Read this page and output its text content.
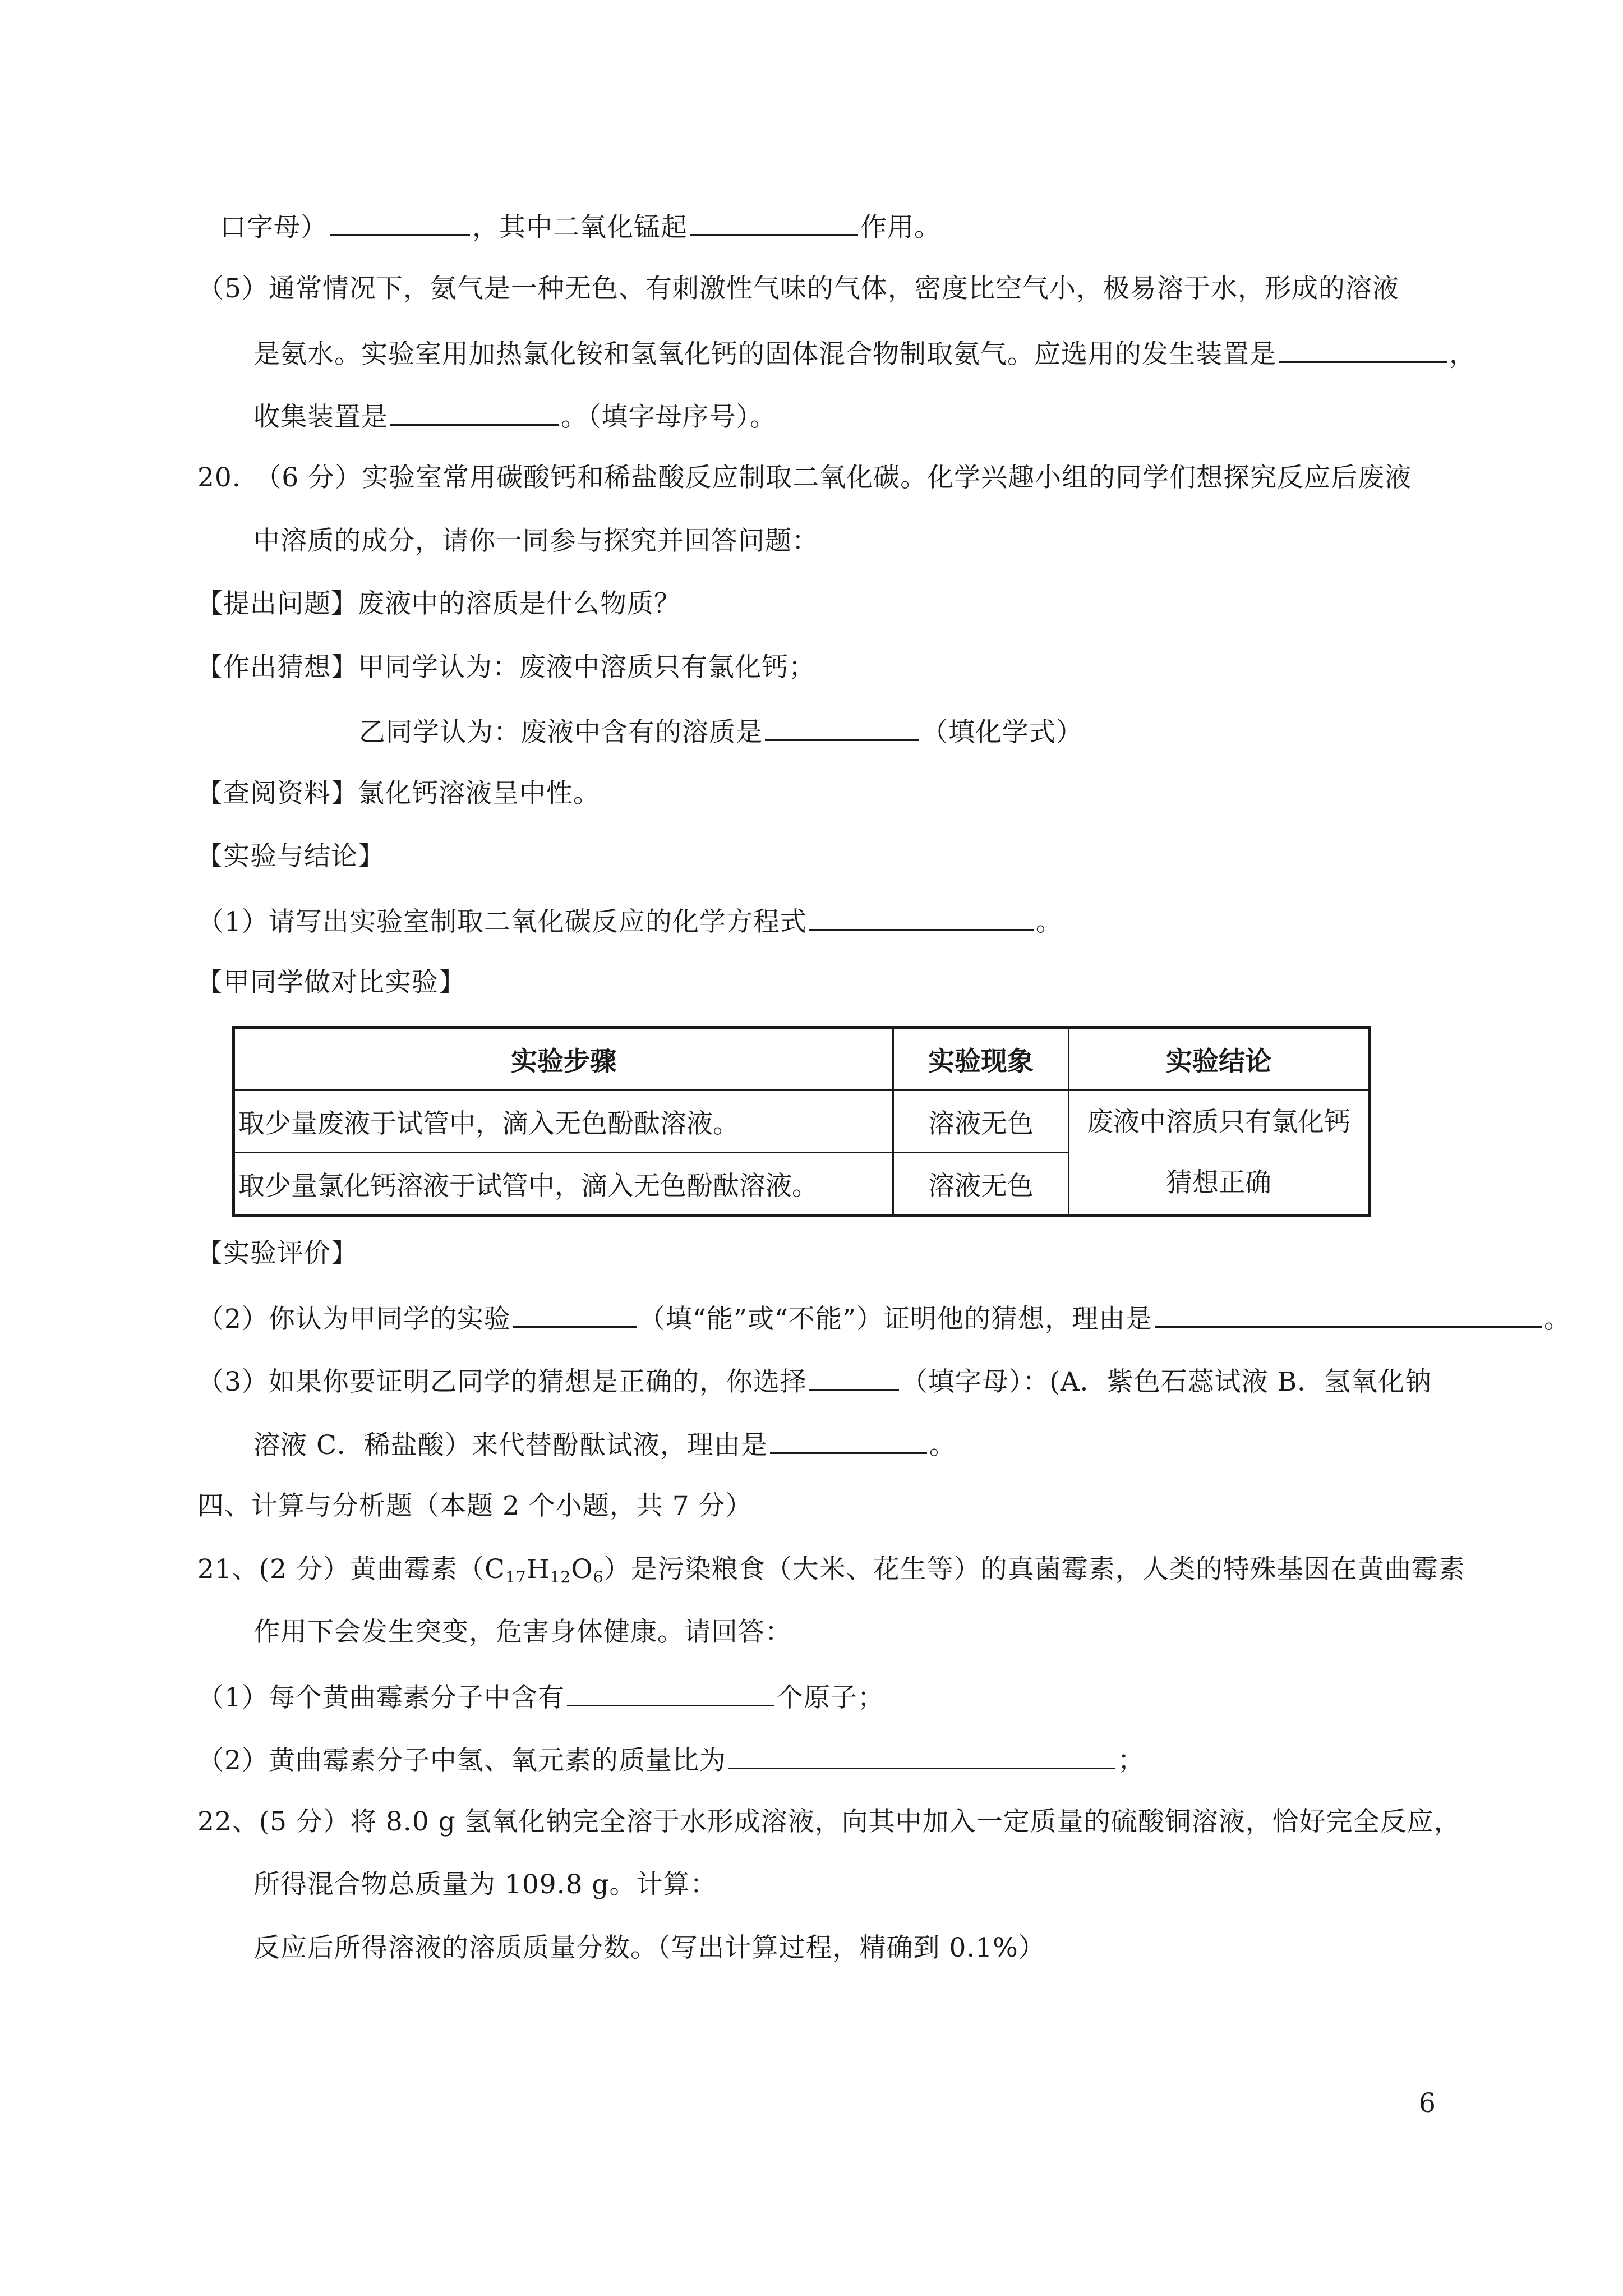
口字母）	，其中二氧化锰起	作用。
（5）通常情况下，氨气是一种无色、有刺激性气味的气体，密度比空气小，极易溶于水，形成的溶液
是氨水。实验室用加热氯化铵和氢氧化钙的固体混合物制取氨气。应选用的发生装置是	，
收集装置是	。（填字母序号）。
20.　（6 分）实验室常用碳酸钙和稀盐酸反应制取二氧化碳。化学兴趣小组的同学们想探究反应后废液
中溶质的成分，请你一同参与探究并回答问题：
【提出问题】废液中的溶质是什么物质？
【作出猜想】甲同学认为：废液中溶质只有氯化钙；
乙同学认为：废液中含有的溶质是	（填化学式）
【查阅资料】氯化钙溶液呈中性。
【实验与结论】
（1）请写出实验室制取二氧化碳反应的化学方程式	。
【甲同学做对比实验】
实验步骤	实验现象	实验结论
取少量废液于试管中，滴入无色酚酞溶液。	溶液无色	废液中溶质只有氯化钙
猜想正确

取少量氯化钙溶液于试管中，滴入无色酚酞溶液。	溶液无色	
【实验评价】
（2）你认为甲同学的实验	（填“能”或“不能”）证明他的猜想，理由是	。
（3）如果你要证明乙同学的猜想是正确的，你选择	（填字母）：(A．紫色石蕊试液 B．氢氧化钠
溶液 C．稀盐酸）来代替酚酞试液，理由是	。
四、计算与分析题（本题 2 个小题，共 7 分）
21、(2 分）黄曲霉素$(C_{17}H_{12}O_6)$是污染粮食（大米、花生等）的真菌霉素，人类的特殊基因在黄曲霉素
作用下会发生突变，危害身体健康。请回答：
（1）每个黄曲霉素分子中含有	个原子；
（2）黄曲霉素分子中氢、氧元素的质量比为	；
22、(5 分）将 8.0 g 氢氧化钠完全溶于水形成溶液，向其中加入一定质量的硫酸铜溶液，恰好完全反应，
所得混合物总质量为 109.8 g。计算：
反应后所得溶液的溶质质量分数。（写出计算过程，精确到 0.1%）
6
